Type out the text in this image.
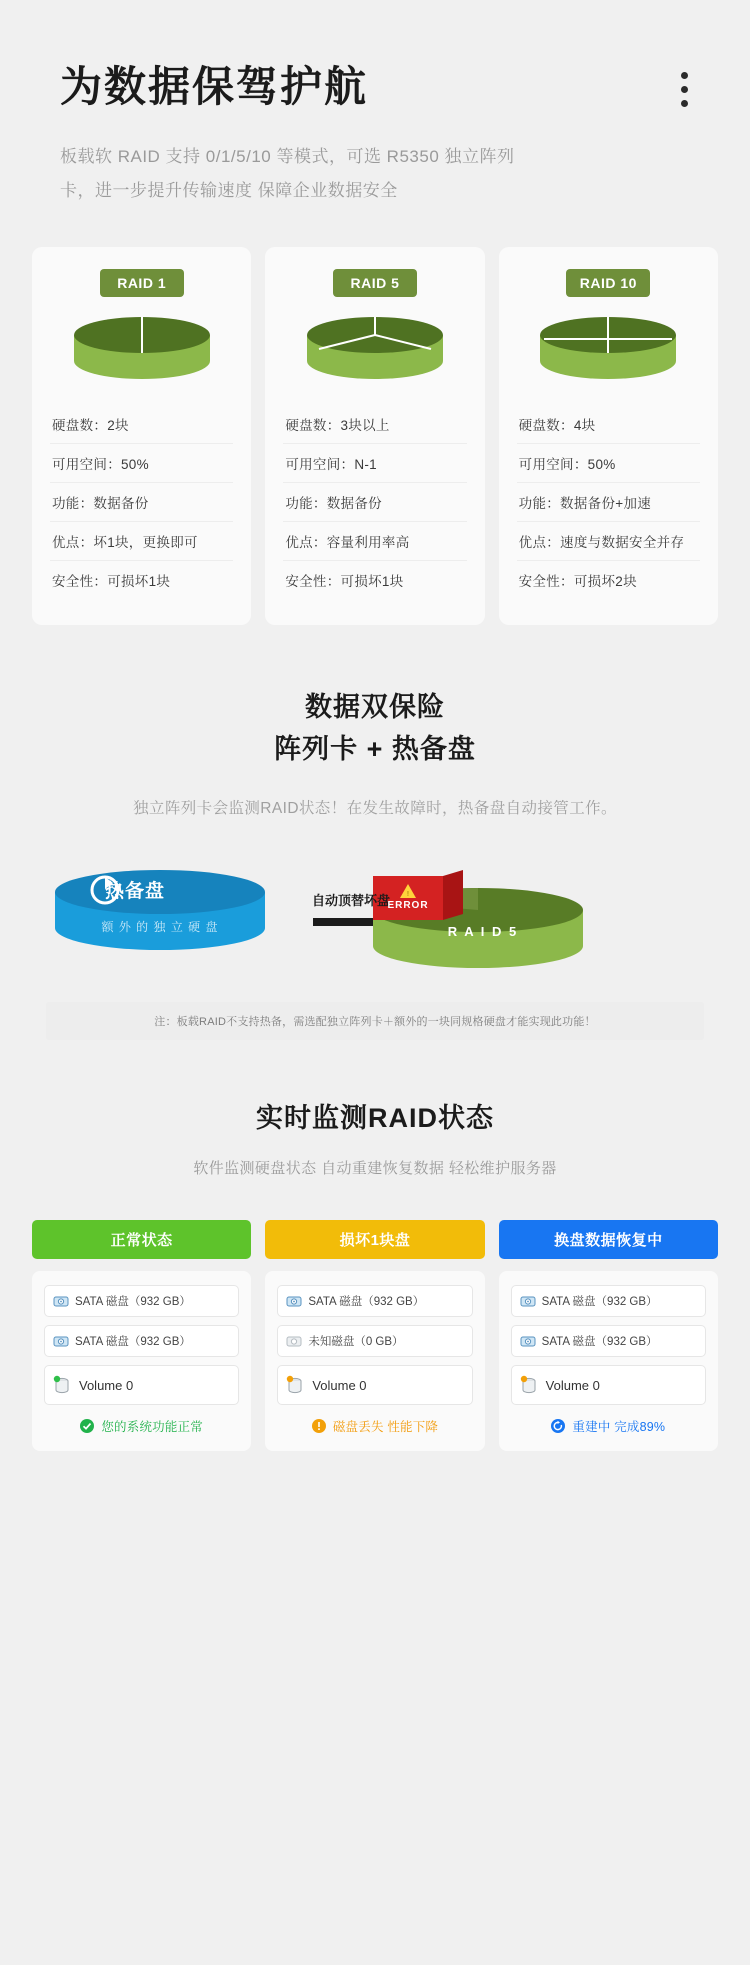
为数据保驾护航

板载软 RAID 支持 0/1/5/10 等模式，可选 R5350 独立阵列卡，进一步提升传输速度 保障企业数据安全

RAID 1
硬盘数：2块
可用空间：50%
功能：数据备份
优点：坏1块，更换即可
安全性：可损坏1块
RAID 5
硬盘数：3块以上
可用空间：N-1
功能：数据备份
优点：容量利用率高
安全性：可损坏1块
RAID 10
硬盘数：4块
可用空间：50%
功能：数据备份+加速
优点：速度与数据安全并存
安全性：可损坏2块
数据双保险
阵列卡 + 热备盘
独立阵列卡会监测RAID状态！在发生故障时，热备盘自动接管工作。
!
热备盘
额 外 的 独 立 硬 盘
自动顶替坏盘
ERROR
R A I D 5
注：板载RAID不支持热备，需选配独立阵列卡＋额外的一块同规格硬盘才能实现此功能！
实时监测RAID状态
软件监测硬盘状态 自动重建恢复数据 轻松维护服务器
正常状态
SATA 磁盘（932 GB）
SATA 磁盘（932 GB）
Volume 0
您的系统功能正常
损坏1块盘
SATA 磁盘（932 GB）
未知磁盘（0 GB）
Volume 0
磁盘丢失 性能下降
换盘数据恢复中
SATA 磁盘（932 GB）
SATA 磁盘（932 GB）
Volume 0
重建中 完成89%
